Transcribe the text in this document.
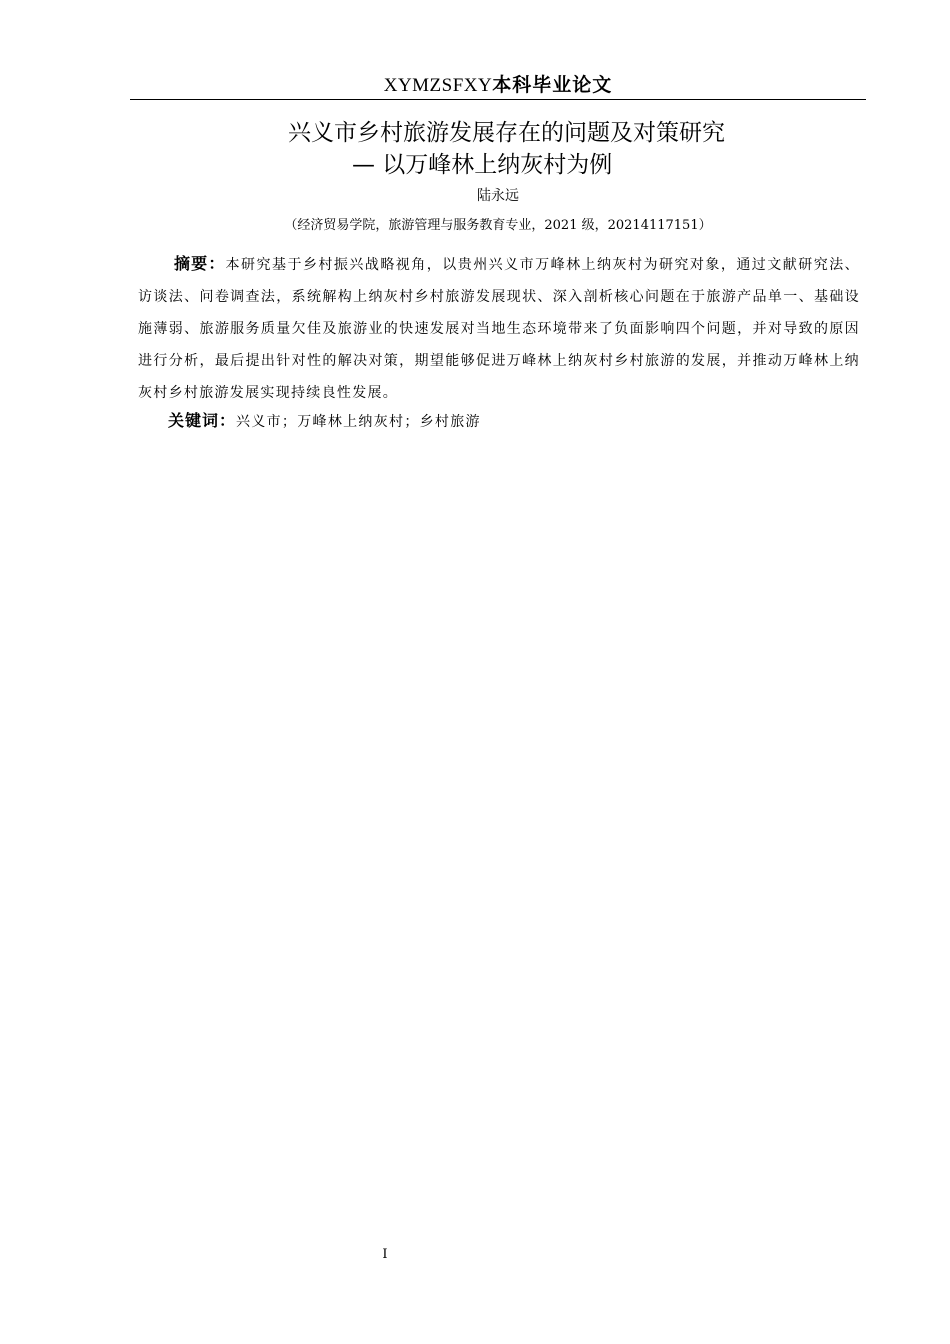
XYMZSFXY本科毕业论文
兴义市乡村旅游发展存在的问题及对策研究
— 以万峰林上纳灰村为例
陆永远
（经济贸易学院，旅游管理与服务教育专业，2021 级，20214117151）

摘要：本研究基于乡村振兴战略视角，以贵州兴义市万峰林上纳灰村为研究对象，通过文献研究法、访谈法、问卷调查法，系统解构上纳灰村乡村旅游发展现状、深入剖析核心问题在于旅游产品单一、基础设施薄弱、旅游服务质量欠佳及旅游业的快速发展对当地生态环境带来了负面影响四个问题，并对导致的原因进行分析，最后提出针对性的解决对策，期望能够促进万峰林上纳灰村乡村旅游的发展，并推动万峰林上纳灰村乡村旅游发展实现持续良性发展。

关键词：兴义市；万峰林上纳灰村；乡村旅游
I
